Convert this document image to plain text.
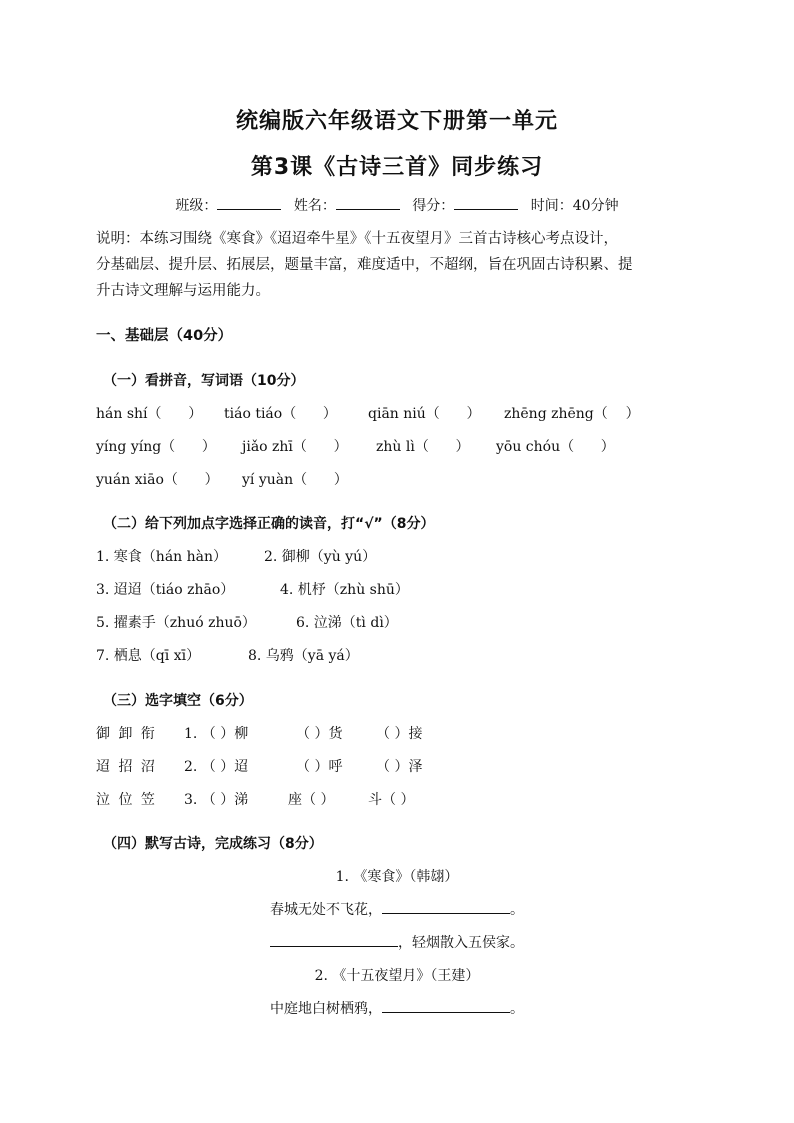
统编版六年级语文下册第一单元
第3课《古诗三首》同步练习
班级：	姓名：	得分：	时间：40分钟
说明：本练习围绕《寒食》《迢迢牵牛星》《十五夜望月》三首古诗核心考点设计，
分基础层、提升层、拓展层，题量丰富，难度适中，不超纲，旨在巩固古诗积累、提
升古诗文理解与运用能力。
一、基础层（40分）
（一）看拼音，写词语（10分）
hán shí（      ） tiáo tiáo（      ） qiān niú（      ） zhēng zhēng（    ）
yíng yíng（      ） jiǎo zhī（      ） zhù lì（      ） yōu chóu（      ）
yuán xiāo（      ） yí yuàn（      ）
（二）给下列加点字选择正确的读音，打“√”（8分）
1. 寒食（hán hàn）	2. 御柳（yù yú）
3. 迢迢（tiáo zhāo）	4. 机杼（zhù shū）
5. 擢素手（zhuó zhuō）	6. 泣涕（tì dì）
7. 栖息（qī xī）	8. 乌鸦（yā yá）
（三）选字填空（6分）
御 卸 衔 1. （ ）柳	（ ）货 （ ）接
迢 招 沼 2. （ ）迢	（ ）呼 （ ）泽
泣 位 笠 3. （ ）涕	座（ ） 斗（ ）
（四）默写古诗，完成练习（8分）
1. 《寒食》（韩翃）
春城无处不飞花，	。
，轻烟散入五侯家。
2. 《十五夜望月》（王建）
中庭地白树栖鸦，	。
